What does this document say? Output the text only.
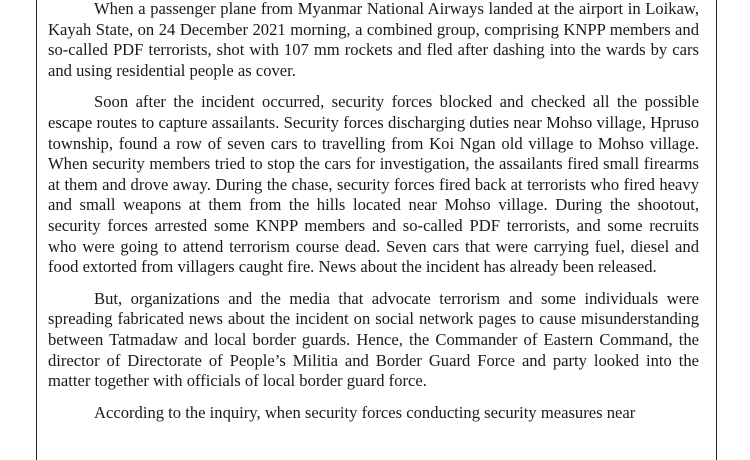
When a passenger plane from Myanmar National Airways landed at the airport in Loikaw, Kayah State, on 24 December 2021 morning, a combined group, comprising KNPP members and so-called PDF terrorists, shot with 107 mm rockets and fled after dashing into the wards by cars and using residential people as cover.

Soon after the incident occurred, security forces blocked and checked all the possible escape routes to capture assailants. Security forces discharging duties near Mohso village, Hpruso township, found a row of seven cars to travelling from Koi Ngan old village to Mohso village. When security members tried to stop the cars for investigation, the assailants fired small firearms at them and drove away. During the chase, security forces fired back at terrorists who fired heavy and small weapons at them from the hills located near Mohso village. During the shootout, security forces arrested some KNPP members and so-called PDF terrorists, and some recruits who were going to attend terrorism course dead. Seven cars that were carrying fuel, diesel and food extorted from villagers caught fire. News about the incident has already been released.

But, organizations and the media that advocate terrorism and some individuals were spreading fabricated news about the incident on social network pages to cause misunderstanding between Tatmadaw and local border guards. Hence, the Commander of Eastern Command, the director of Directorate of People’s Militia and Border Guard Force and party looked into the matter together with officials of local border guard force.

According to the inquiry, when security forces conducting security measures near
